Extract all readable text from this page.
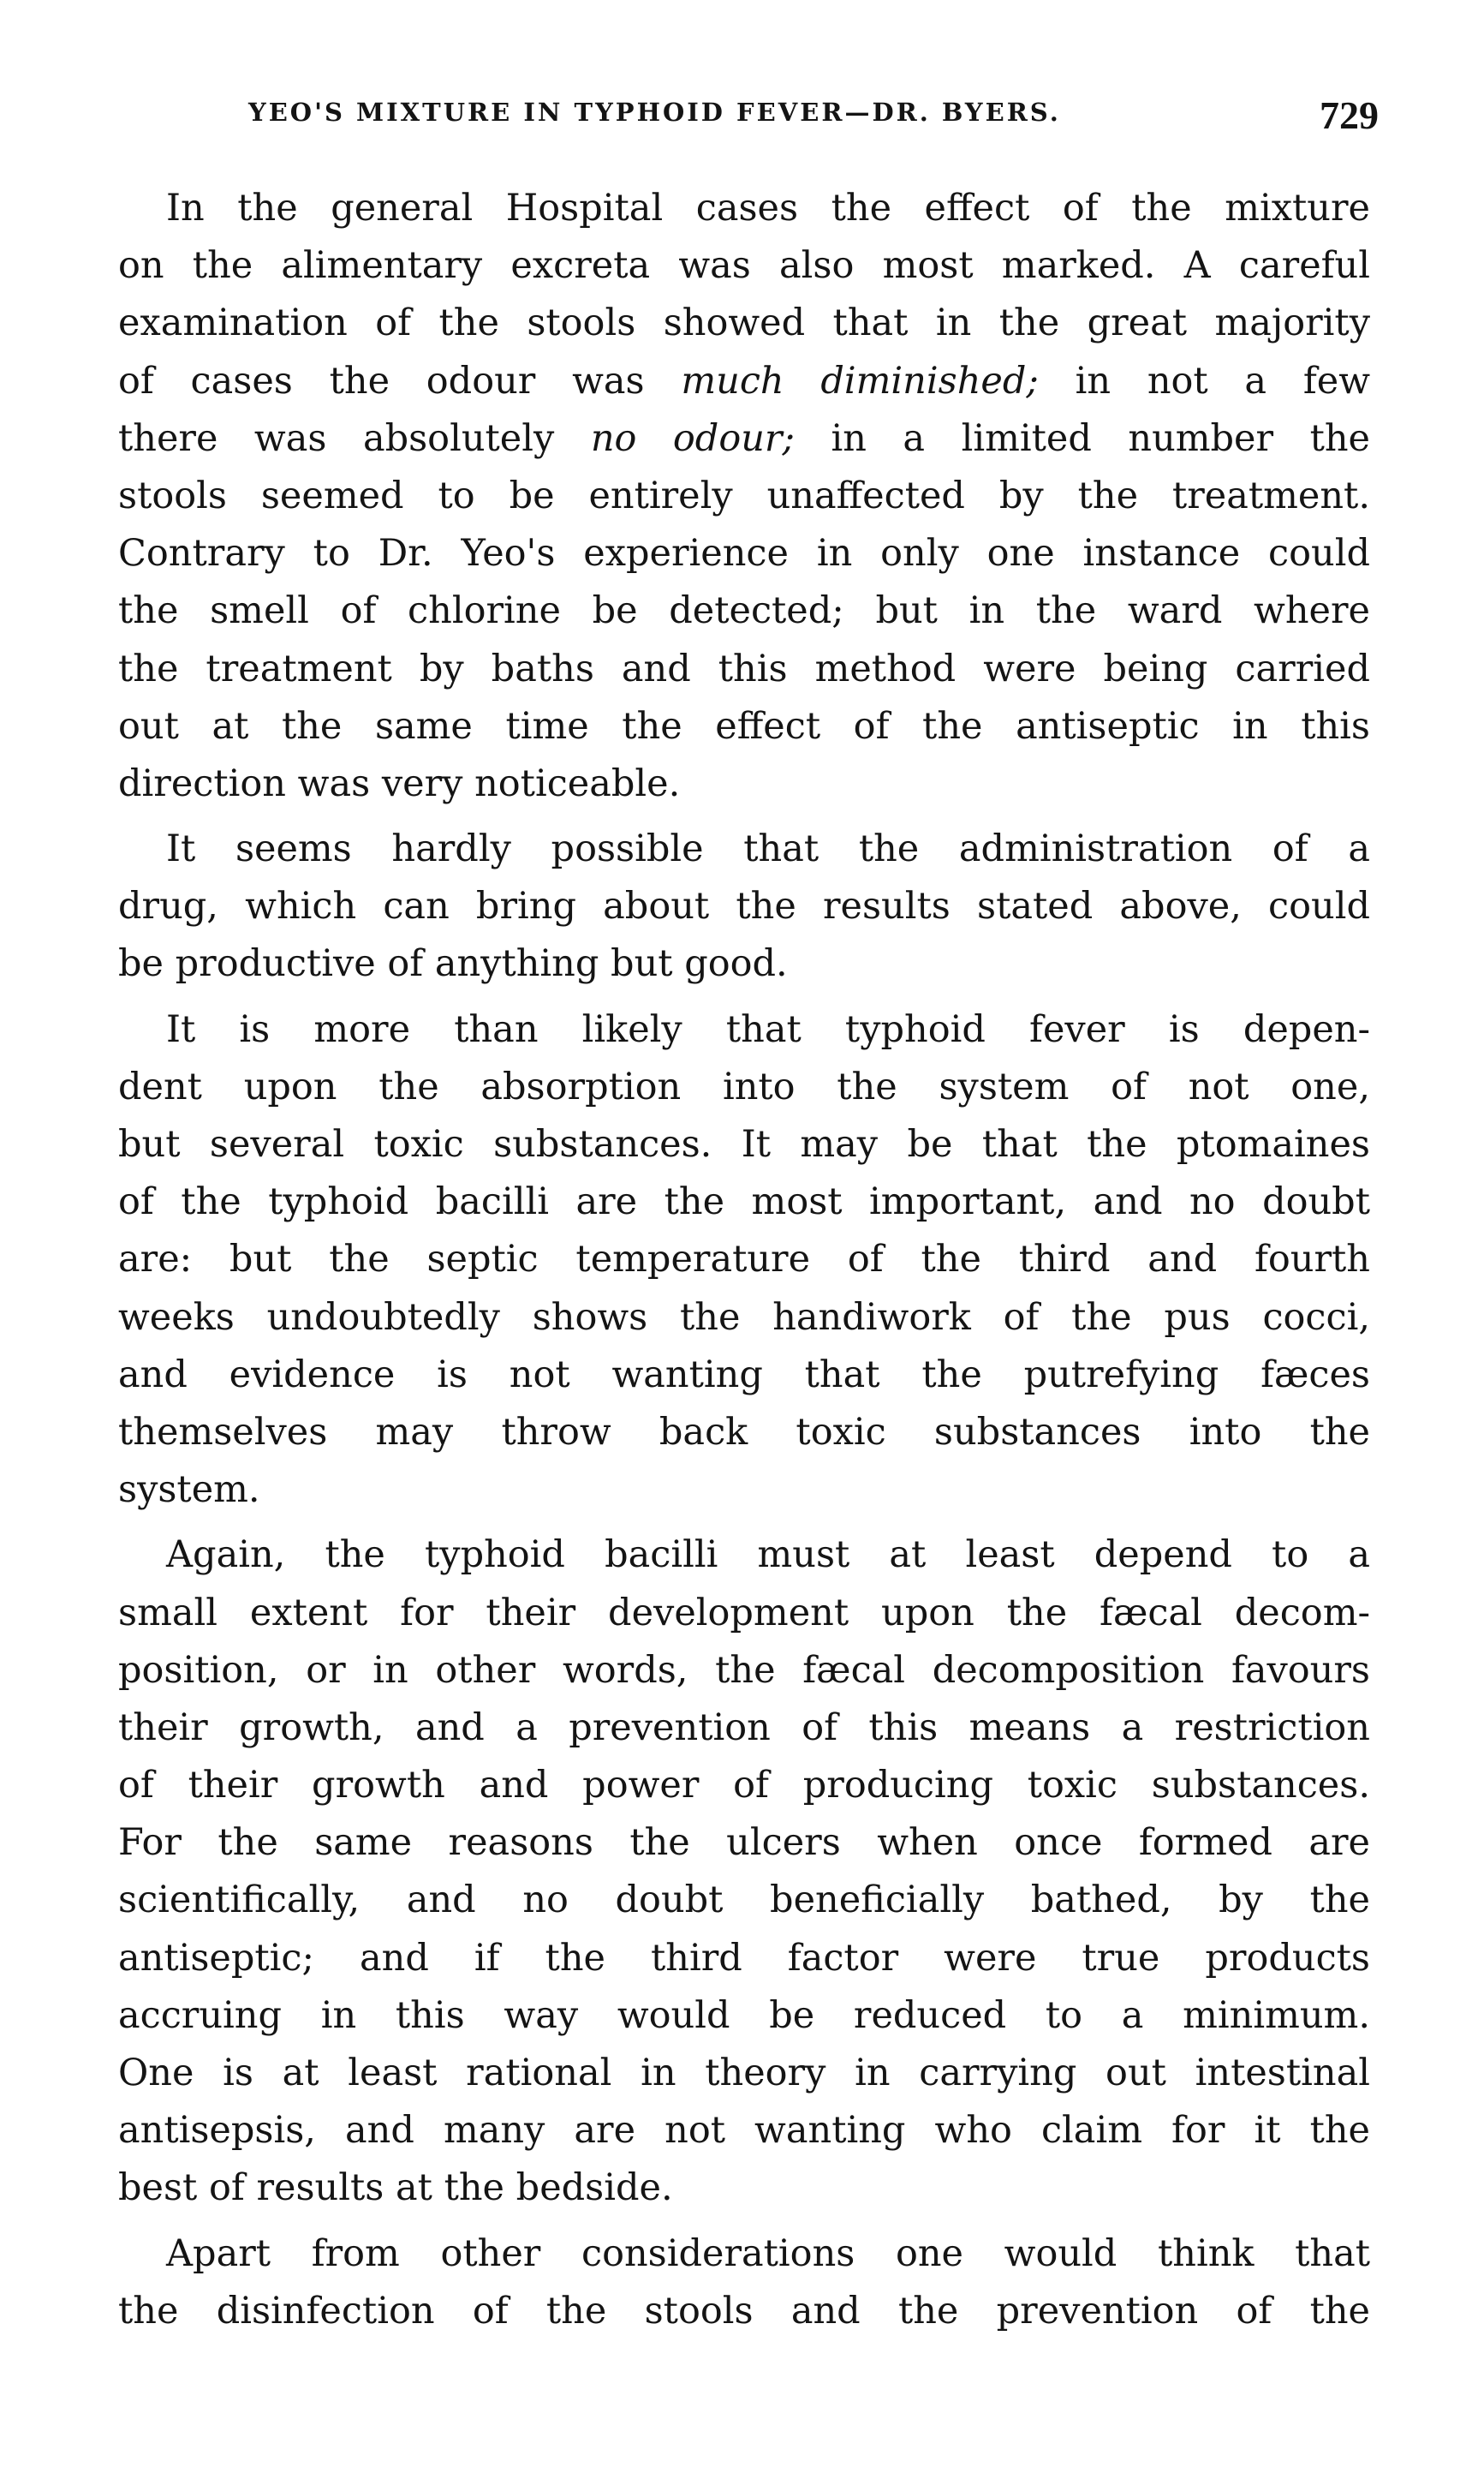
YEO'S MIXTURE IN TYPHOID FEVER—DR. BYERS.	729
In the general Hospital cases the effect of the mixture
on the alimentary excreta was also most marked. A careful
examination of the stools showed that in the great majority
of cases the odour was much diminished; in not a few
there was absolutely no odour; in a limited number the
stools seemed to be entirely unaffected by the treatment.
Contrary to Dr. Yeo's experience in only one instance could
the smell of chlorine be detected; but in the ward where
the treatment by baths and this method were being carried
out at the same time the effect of the antiseptic in this
direction was very noticeable.
It seems hardly possible that the administration of a
drug, which can bring about the results stated above, could
be productive of anything but good.
It is more than likely that typhoid fever is depen-
dent upon the absorption into the system of not one,
but several toxic substances. It may be that the ptomaines
of the typhoid bacilli are the most important, and no doubt
are: but the septic temperature of the third and fourth
weeks undoubtedly shows the handiwork of the pus cocci,
and evidence is not wanting that the putrefying fæces
themselves may throw back toxic substances into the
system.
Again, the typhoid bacilli must at least depend to a
small extent for their development upon the fæcal decom-
position, or in other words, the fæcal decomposition favours
their growth, and a prevention of this means a restriction
of their growth and power of producing toxic substances.
For the same reasons the ulcers when once formed are
scientifically, and no doubt beneficially bathed, by the
antiseptic; and if the third factor were true products
accruing in this way would be reduced to a minimum.
One is at least rational in theory in carrying out intestinal
antisepsis, and many are not wanting who claim for it the
best of results at the bedside.
Apart from other considerations one would think that
the disinfection of the stools and the prevention of the
